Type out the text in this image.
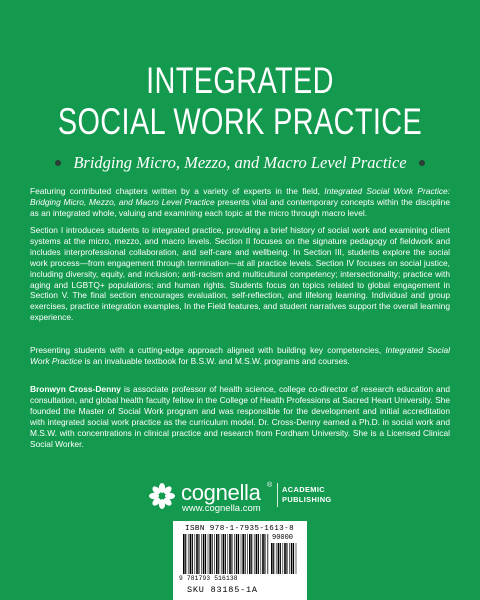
INTEGRATED
SOCIAL WORK PRACTICE
Bridging Micro, Mezzo, and Macro Level Practice

Featuring contributed chapters written by a variety of experts in the field, Integrated Social Work Practice: Bridging Micro, Mezzo, and Macro Level Practice presents vital and contemporary concepts within the discipline as an integrated whole, valuing and examining each topic at the micro through macro level.

Section I introduces students to integrated practice, providing a brief history of social work and examining client systems at the micro, mezzo, and macro levels. Section II focuses on the signature pedagogy of fieldwork and includes interprofessional collaboration, and self-care and wellbeing. In Section III, students explore the social work process—from engagement through termination—at all practice levels. Section IV focuses on social justice, including diversity, equity, and inclusion; anti-racism and multicultural competency; intersectionality; practice with aging and LGBTQ+ populations; and human rights. Students focus on topics related to global engagement in Section V. The final section encourages evaluation, self-reflection, and lifelong learning. Individual and group exercises, practice integration examples, In the Field features, and student narratives support the overall learning experience.

Presenting students with a cutting-edge approach aligned with building key competencies, Integrated Social Work Practice is an invaluable textbook for B.S.W. and M.S.W. programs and courses.

Bronwyn Cross-Denny is associate professor of health science, college co-director of research education and consultation, and global health faculty fellow in the College of Health Professions at Sacred Heart University. She founded the Master of Social Work program and was responsible for the development and initial accreditation with integrated social work practice as the curriculum model. Dr. Cross-Denny earned a Ph.D. in social work and M.S.W. with concentrations in clinical practice and research from Fordham University. She is a Licensed Clinical Social Worker.

cognella ® ACADEMIC
PUBLISHING
www.cognella.com
ISBN 978-1-7935-1613-8
90000
9 781793 516138
SKU 83185-1A
